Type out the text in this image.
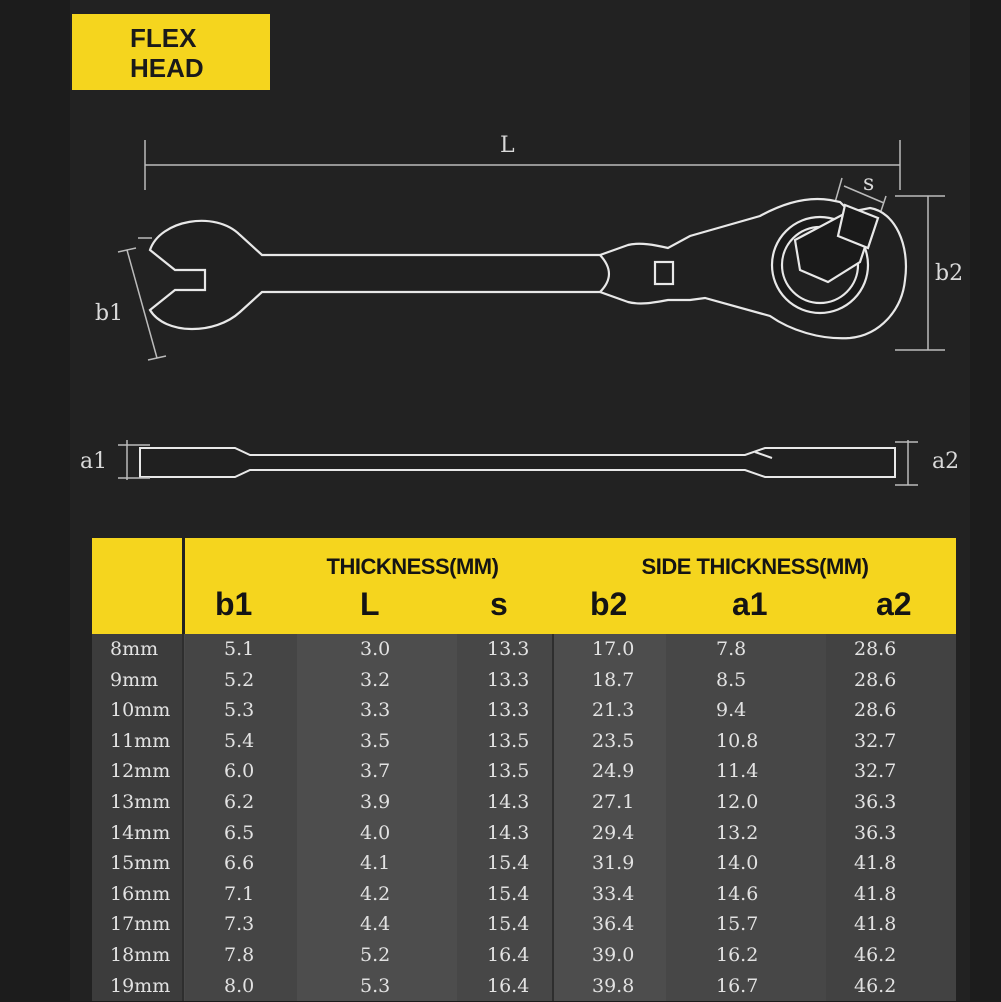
FLEX
HEAD
L
s
b1
b2
a1	a2
THICKNESS(MM)
b1	L	s
SIDE THICKNESS(MM)
b2	a1	a2
8mm	5.1	3.0	13.3	17.0	7.8	28.6
9mm	5.2	3.2	13.3	18.7	8.5	28.6
10mm	5.3	3.3	13.3	21.3	9.4	28.6
11mm	5.4	3.5	13.5	23.5	10.8	32.7
12mm	6.0	3.7	13.5	24.9	11.4	32.7
13mm	6.2	3.9	14.3	27.1	12.0	36.3
14mm	6.5	4.0	14.3	29.4	13.2	36.3
15mm	6.6	4.1	15.4	31.9	14.0	41.8
16mm	7.1	4.2	15.4	33.4	14.6	41.8
17mm	7.3	4.4	15.4	36.4	15.7	41.8
18mm	7.8	5.2	16.4	39.0	16.2	46.2
19mm	8.0	5.3	16.4	39.8	16.7	46.2
